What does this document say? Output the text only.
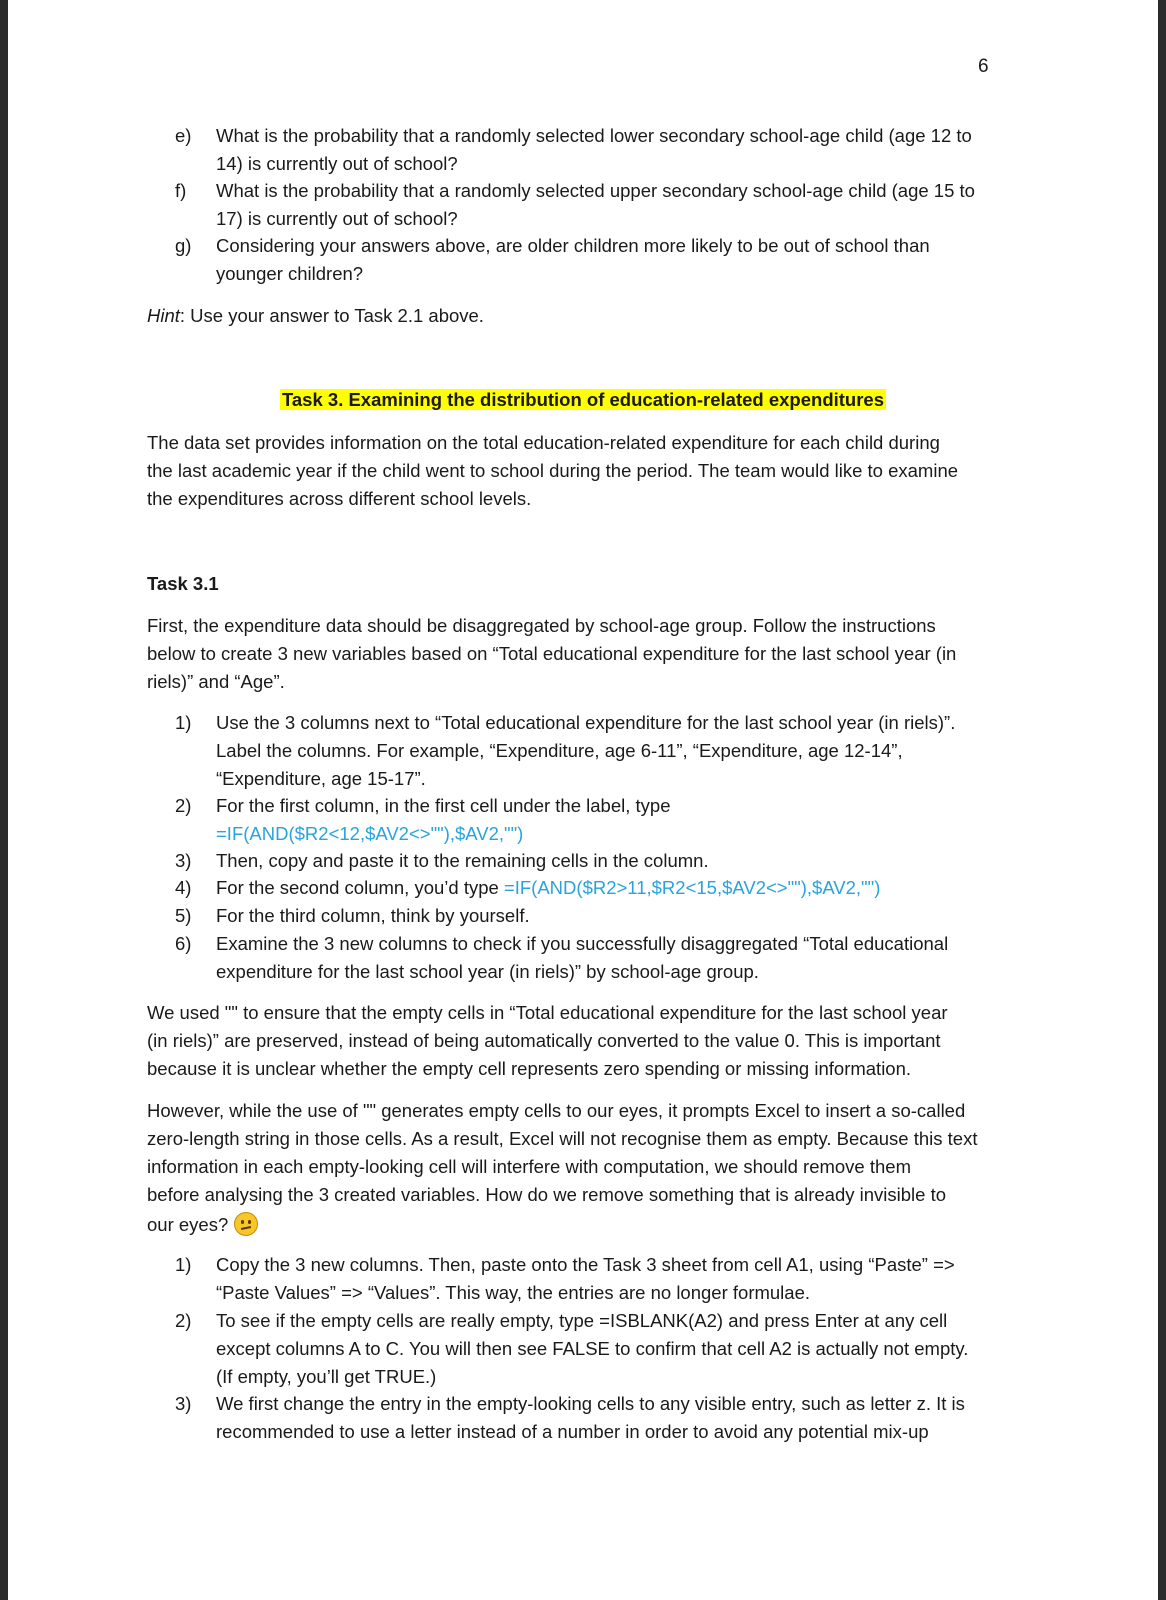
6
e)	What is the probability that a randomly selected lower secondary school-age child (age 12 to
14) is currently out of school?
f)	What is the probability that a randomly selected upper secondary school-age child (age 15 to
17) is currently out of school?
g)	Considering your answers above, are older children more likely to be out of school than
younger children?
Hint: Use your answer to Task 2.1 above.
Task 3. Examining the distribution of education-related expenditures
The data set provides information on the total education-related expenditure for each child during
the last academic year if the child went to school during the period. The team would like to examine
the expenditures across different school levels.
Task 3.1
First, the expenditure data should be disaggregated by school-age group. Follow the instructions
below to create 3 new variables based on “Total educational expenditure for the last school year (in
riels)” and “Age”.
1)	Use the 3 columns next to “Total educational expenditure for the last school year (in riels)”.
Label the columns. For example, “Expenditure, age 6-11”, “Expenditure, age 12-14”,
“Expenditure, age 15-17”.
2)	For the first column, in the first cell under the label, type
=IF(AND($R2<12,$AV2<>""),$AV2,"")
3)	Then, copy and paste it to the remaining cells in the column.
4)	For the second column, you’d type =IF(AND($R2>11,$R2<15,$AV2<>""),$AV2,"")
5)	For the third column, think by yourself.
6)	Examine the 3 new columns to check if you successfully disaggregated “Total educational
expenditure for the last school year (in riels)” by school-age group.
We used "" to ensure that the empty cells in “Total educational expenditure for the last school year
(in riels)” are preserved, instead of being automatically converted to the value 0. This is important
because it is unclear whether the empty cell represents zero spending or missing information.
However, while the use of "" generates empty cells to our eyes, it prompts Excel to insert a so-called
zero-length string in those cells. As a result, Excel will not recognise them as empty. Because this text
information in each empty-looking cell will interfere with computation, we should remove them
before analysing the 3 created variables. How do we remove something that is already invisible to
our eyes?
1)	Copy the 3 new columns. Then, paste onto the Task 3 sheet from cell A1, using “Paste” =>
“Paste Values” => “Values”. This way, the entries are no longer formulae.
2)	To see if the empty cells are really empty, type =ISBLANK(A2) and press Enter at any cell
except columns A to C. You will then see FALSE to confirm that cell A2 is actually not empty.
(If empty, you’ll get TRUE.)
3)	We first change the entry in the empty-looking cells to any visible entry, such as letter z. It is
recommended to use a letter instead of a number in order to avoid any potential mix-up
